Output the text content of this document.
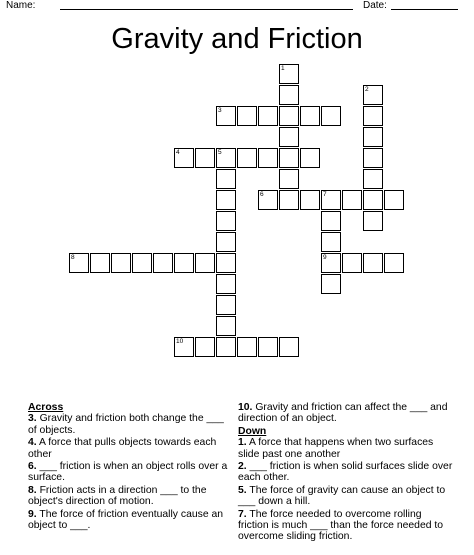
Name:	Date:
Gravity and Friction
1
2
3
4	5
6	7
8	9
10
Across
3. Gravity and friction both change the ___ of objects.
4. A force that pulls objects towards each other
6. ___ friction is when an object rolls over a surface.
8. Friction acts in a direction ___ to the object's direction of motion.
9. The force of friction eventually cause an object to ___.
10. Gravity and friction can affect the ___ and direction of an object.
Down
1. A force that happens when two surfaces slide past one another
2. ___ friction is when solid surfaces slide over each other.
5. The force of gravity can cause an object to ___ down a hill.
7. The force needed to overcome rolling friction is much ___ than the force needed to overcome sliding friction.
